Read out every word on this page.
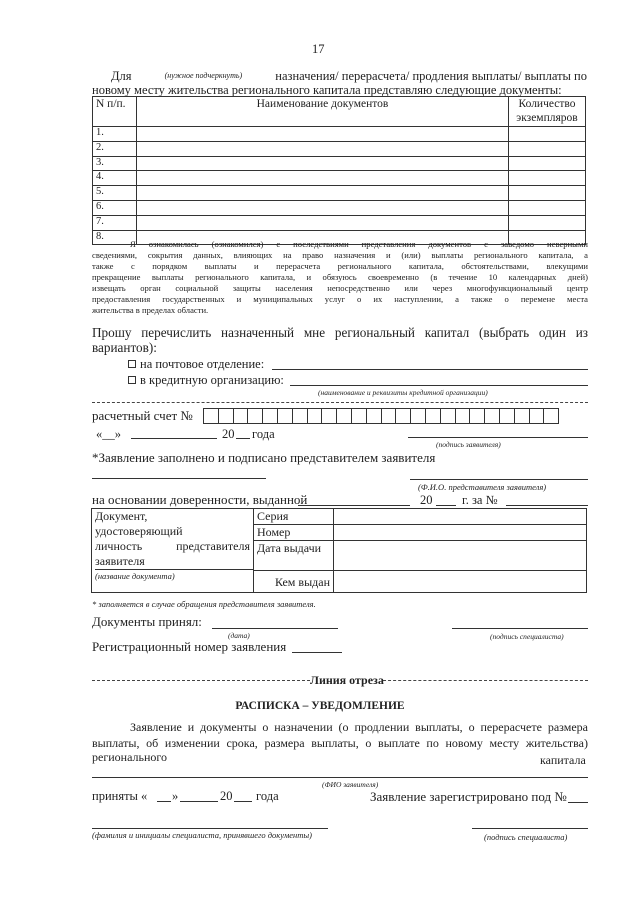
17
Для	(нужное подчеркнуть)	назначения/ перерасчета/ продления выплаты/ выплаты по
новому месту жительства регионального капитала представляю следующие документы:
N п/п.	Наименование документов	Количество экземпляров
1.		
2.		
3.		
4.		
5.		
6.		
7.		
8.		
Я ознакомилась (ознакомился) с последствиями представления документов с заведомо неверными
сведениями, сокрытия данных, влияющих на право назначения и (или) выплаты регионального капитала, а
также с порядком выплаты и перерасчета регионального капитала, обстоятельствами, влекущими
прекращение выплаты регионального капитала, и обязуюсь своевременно (в течение 10 календарных дней)
извещать орган социальной защиты населения непосредственно или через многофункциональный центр
предоставления государственных и муниципальных услуг о их наступлении, а также о перемене места
жительства в пределах области.
Прошу перечислить назначенный мне региональный капитал (выбрать один из
вариантов):
на почтовое отделение:
в кредитную организацию:
(наименование и реквизиты кредитной организации)
расчетный счет №
«__»	20 года
(подпись заявителя)
*Заявление заполнено и подписано представителем заявителя
(Ф.И.О. представителя заявителя)
на основании доверенности, выданной	20 г. за №
Документ,
удостоверяющий
личность представителя
заявителя
(название документа)	Серия	
	Номер	
	Дата выдачи	
	Кем выдан	
* заполняется в случае обращения представителя заявителя.
Документы принял:
(дата)	(подпись специалиста)
Регистрационный номер заявления
Линия отреза
РАСПИСКА – УВЕДОМЛЕНИЕ
Заявление и документы о назначении (о продлении выплаты, о перерасчете размера
выплаты, об изменении срока, размера выплаты, о выплате по новому месту жительства)
регионального	капитала
(ФИО заявителя)
приняты « »	20 года	Заявление зарегистрировано под №
(фамилия и инициалы специалиста, принявшего документы)	(подпись специалиста)
